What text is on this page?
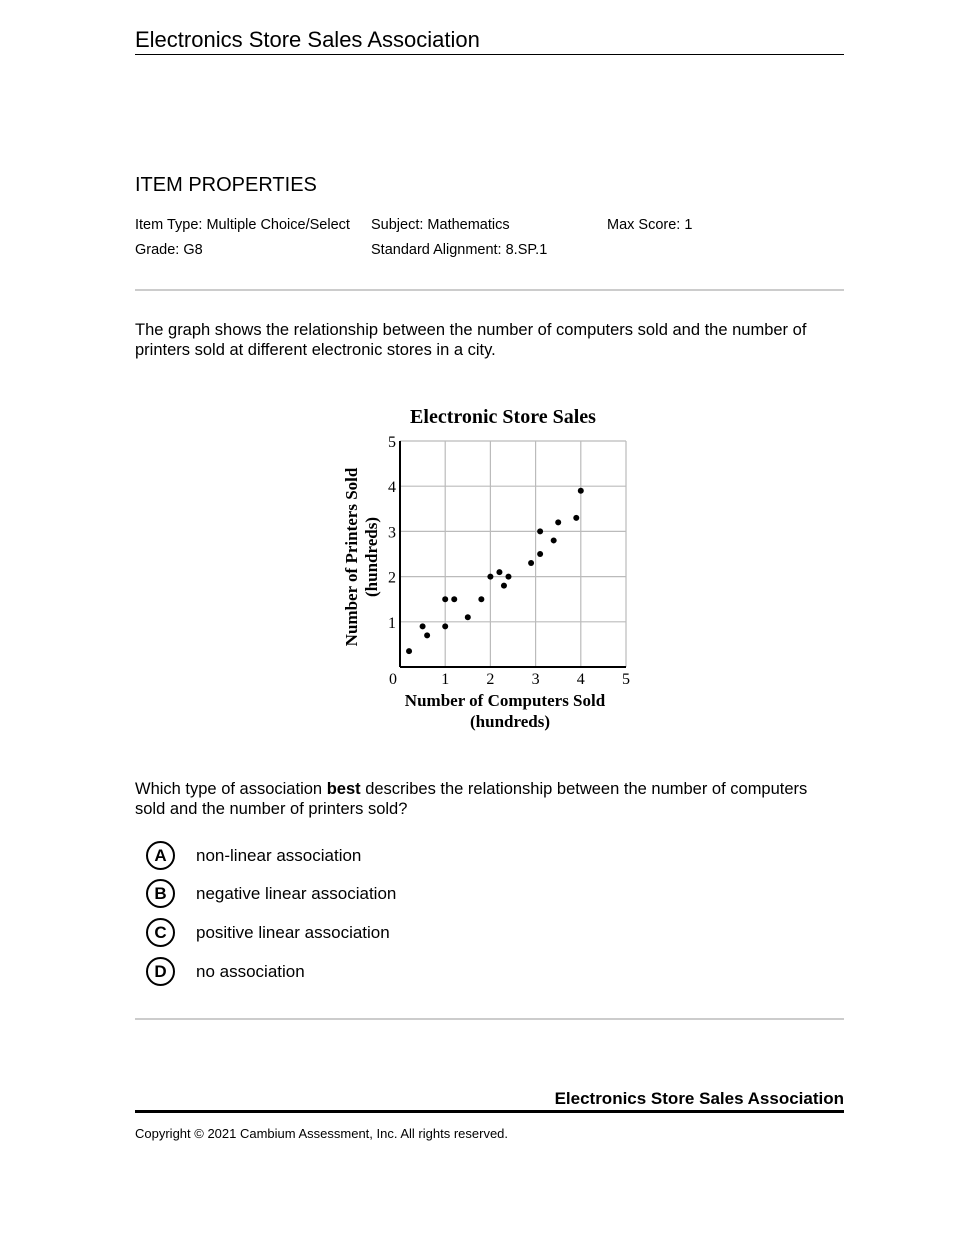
Electronics Store Sales Association
ITEM PROPERTIES
Item Type: Multiple Choice/Select Subject: Mathematics	Max Score: 1
Grade: G8	Standard Alignment: 8.SP.1
The graph shows the relationship between the number of computers sold and the number of printers sold at different electronic stores in a city.
Electronic Store Sales
Number of Computers Sold
(hundreds)
Number of Printers Sold (hundreds)
0	1 2 3 4 5
1
2
3
4
5
Which type of association best describes the relationship between the number of computers sold and the number of printers sold?
A	non-linear association
B	negative linear association
C	positive linear association
D	no association
Electronics Store Sales Association
Copyright © 2021 Cambium Assessment, Inc. All rights reserved.
